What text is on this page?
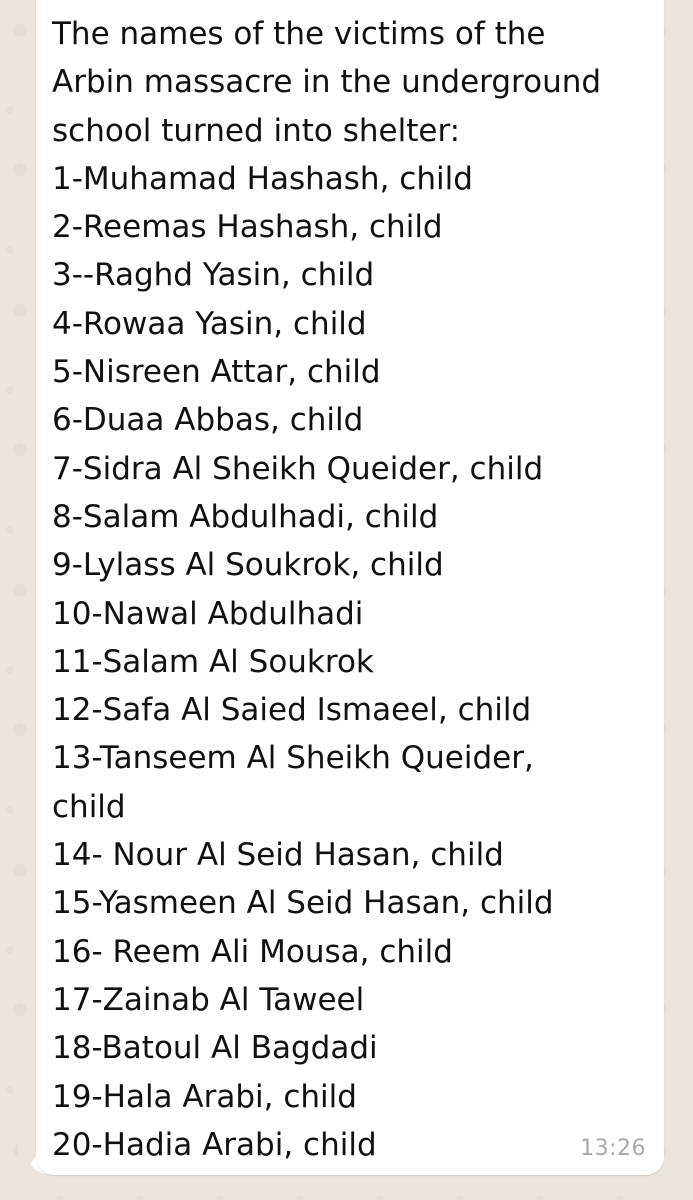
The names of the victims of the
Arbin massacre in the underground
school turned into shelter:
1-Muhamad Hashash, child
2-Reemas Hashash, child
3--Raghd Yasin, child
4-Rowaa Yasin, child
5-Nisreen Attar, child
6-Duaa Abbas, child
7-Sidra Al Sheikh Queider, child
8-Salam Abdulhadi, child
9-Lylass Al Soukrok, child
10-Nawal Abdulhadi
11-Salam Al Soukrok
12-Safa Al Saied Ismaeel, child
13-Tanseem Al Sheikh Queider,
child
14- Nour Al Seid Hasan, child
15-Yasmeen Al Seid Hasan, child
16- Reem Ali Mousa, child
17-Zainab Al Taweel
18-Batoul Al Bagdadi
19-Hala Arabi, child
20-Hadia Arabi, child	13:26
